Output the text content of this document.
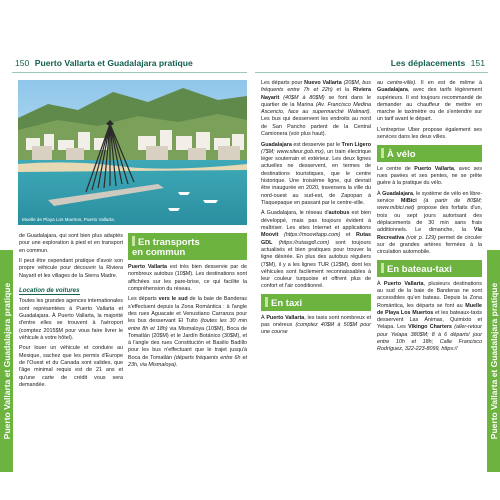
150 Puerto Vallarta et Guadalajara pratique	Les déplacements 151
Puerto Vallarta et Guadalajara pratique	Puerto Vallarta et Guadalajara pratique
Muelle de Playa Los Muertos, Puerto Vallarta.

de Guadalajara, qui sont bien plus adaptés pour une exploration à pied et en transport en commun.

Il peut être cependant pratique d'avoir son propre véhicule pour découvrir la Riviera Nayarit et les villages de la Sierra Madre.

Location de voitures

Toutes les grandes agences internationales sont représentées à Puerto Vallarta et Guadalajara. À Puerto Vallarta, la majorité d'entre elles se trouvent à l'aéroport (comptez 2015$M pour vous faire livrer le véhicule à votre hôtel).

Pour louer un véhicule et conduire au Mexique, sachez que les permis d'Europe de l'Ouest et du Canada sont valides, que l'âge minimal requis est de 21 ans et qu'une carte de crédit vous sera demandée.

En transports
en commun

Puerto Vallarta est très bien desservie par de nombreux autobus (10$M). Les destinations sont affichées sur les pare-brise, ce qui facilite la compréhension du réseau.

Les départs vers le sud de la baie de Banderas s'effectuent depuis la Zona Romántica : à l'angle des rues Aguacate et Venustiano Carranza pour les bus desservant El Tuito (toutes les 30 min entre 8h et 18h) via Mismaloya (10$M), Boca de Tomatlán (20$M) et le Jardín Botánico (30$M), et à l'angle des rues Constitución et Basilio Badillo pour les bus n'effectuant que le trajet jusqu'à Boca de Tomatlán (départs fréquents entre 6h et 23h, via Mismaloya).

Les départs pour Nuevo Vallarta (20$M, bus fréquents entre 7h et 22h) et la Riviera Nayarit (40$M à 80$M) se font dans le quartier de la Marina (Av. Francisco Medina Ascencio, face au supermarché Walmart). Les bus qui desservent les endroits au nord de San Pancho partent de la Central Camionera (voir plus haut).

Guadalajara est desservie par le Tren Ligero (7$M; www.siteur.gob.mx), un train électrique léger souterrain et extérieur. Les deux lignes actuelles ne desservent, en termes de destinations touristiques, que le centre historique. Une troisième ligne, qui devrait être inaugurée en 2020, traversera la ville du nord-ouest au sud-est, de Zapopan à Tlaquepaque en passant par le centre-ville.

À Guadalajara, le réseau d'autobus est bien développé, mais pas toujours évident à maîtriser. Les sites Internet et applications Moovit (https://moovitapp.com) et Rutas GDL (https://rutasgdl.com) sont toujours actualisés et bien pratiques pour trouver la ligne désirée. En plus des autobus réguliers (7$M), il y a les lignes TUR (12$M), dont les véhicules sont facilement reconnaissables à leur couleur turquoise et offrent plus de confort et l'air conditionné.

En taxi

À Puerto Vallarta, les taxis sont nombreux et pas onéreux (comptez 40$M à 50$M pour une course

au centre-ville). Il en est de même à Guadalajara, avec des tarifs légèrement supérieurs. Il est toujours recommandé de demander au chauffeur de mettre en marche le taximètre ou de s'entendre sur un tarif avant le départ.

L'entreprise Uber propose également ses services dans les deux villes.

À vélo

Le centre de Puerto Vallarta, avec ses rues pavées et ses pentes, ne se prête guère à la pratique du vélo.

À Guadalajara, le système de vélo en libre-service MiBici (à partir de 80$M; www.mibici.net) propose des forfaits d'un, trois ou sept jours autorisant des déplacements de 30 min sans frais additionnels. Le dimanche, la Vía Recreativa (voir p. 129) permet de circuler sur de grandes artères fermées à la circulation automobile.

En bateau-taxi

À Puerto Vallarta, plusieurs destinations au sud de la baie de Banderas ne sont accessibles qu'en bateau. Depuis la Zona Romántica, les départs se font au Muelle de Playa Los Muertos et les bateaux-taxis desservent Las Ánimas, Quimixto et Yelapa. Les Vikingo Charters (aller-retour pour Yelapa 380$M; 8 à 6 départs/ jour entre 10h et 18h; Calle Francisco Rodríguez, 322-223-8099, https://
